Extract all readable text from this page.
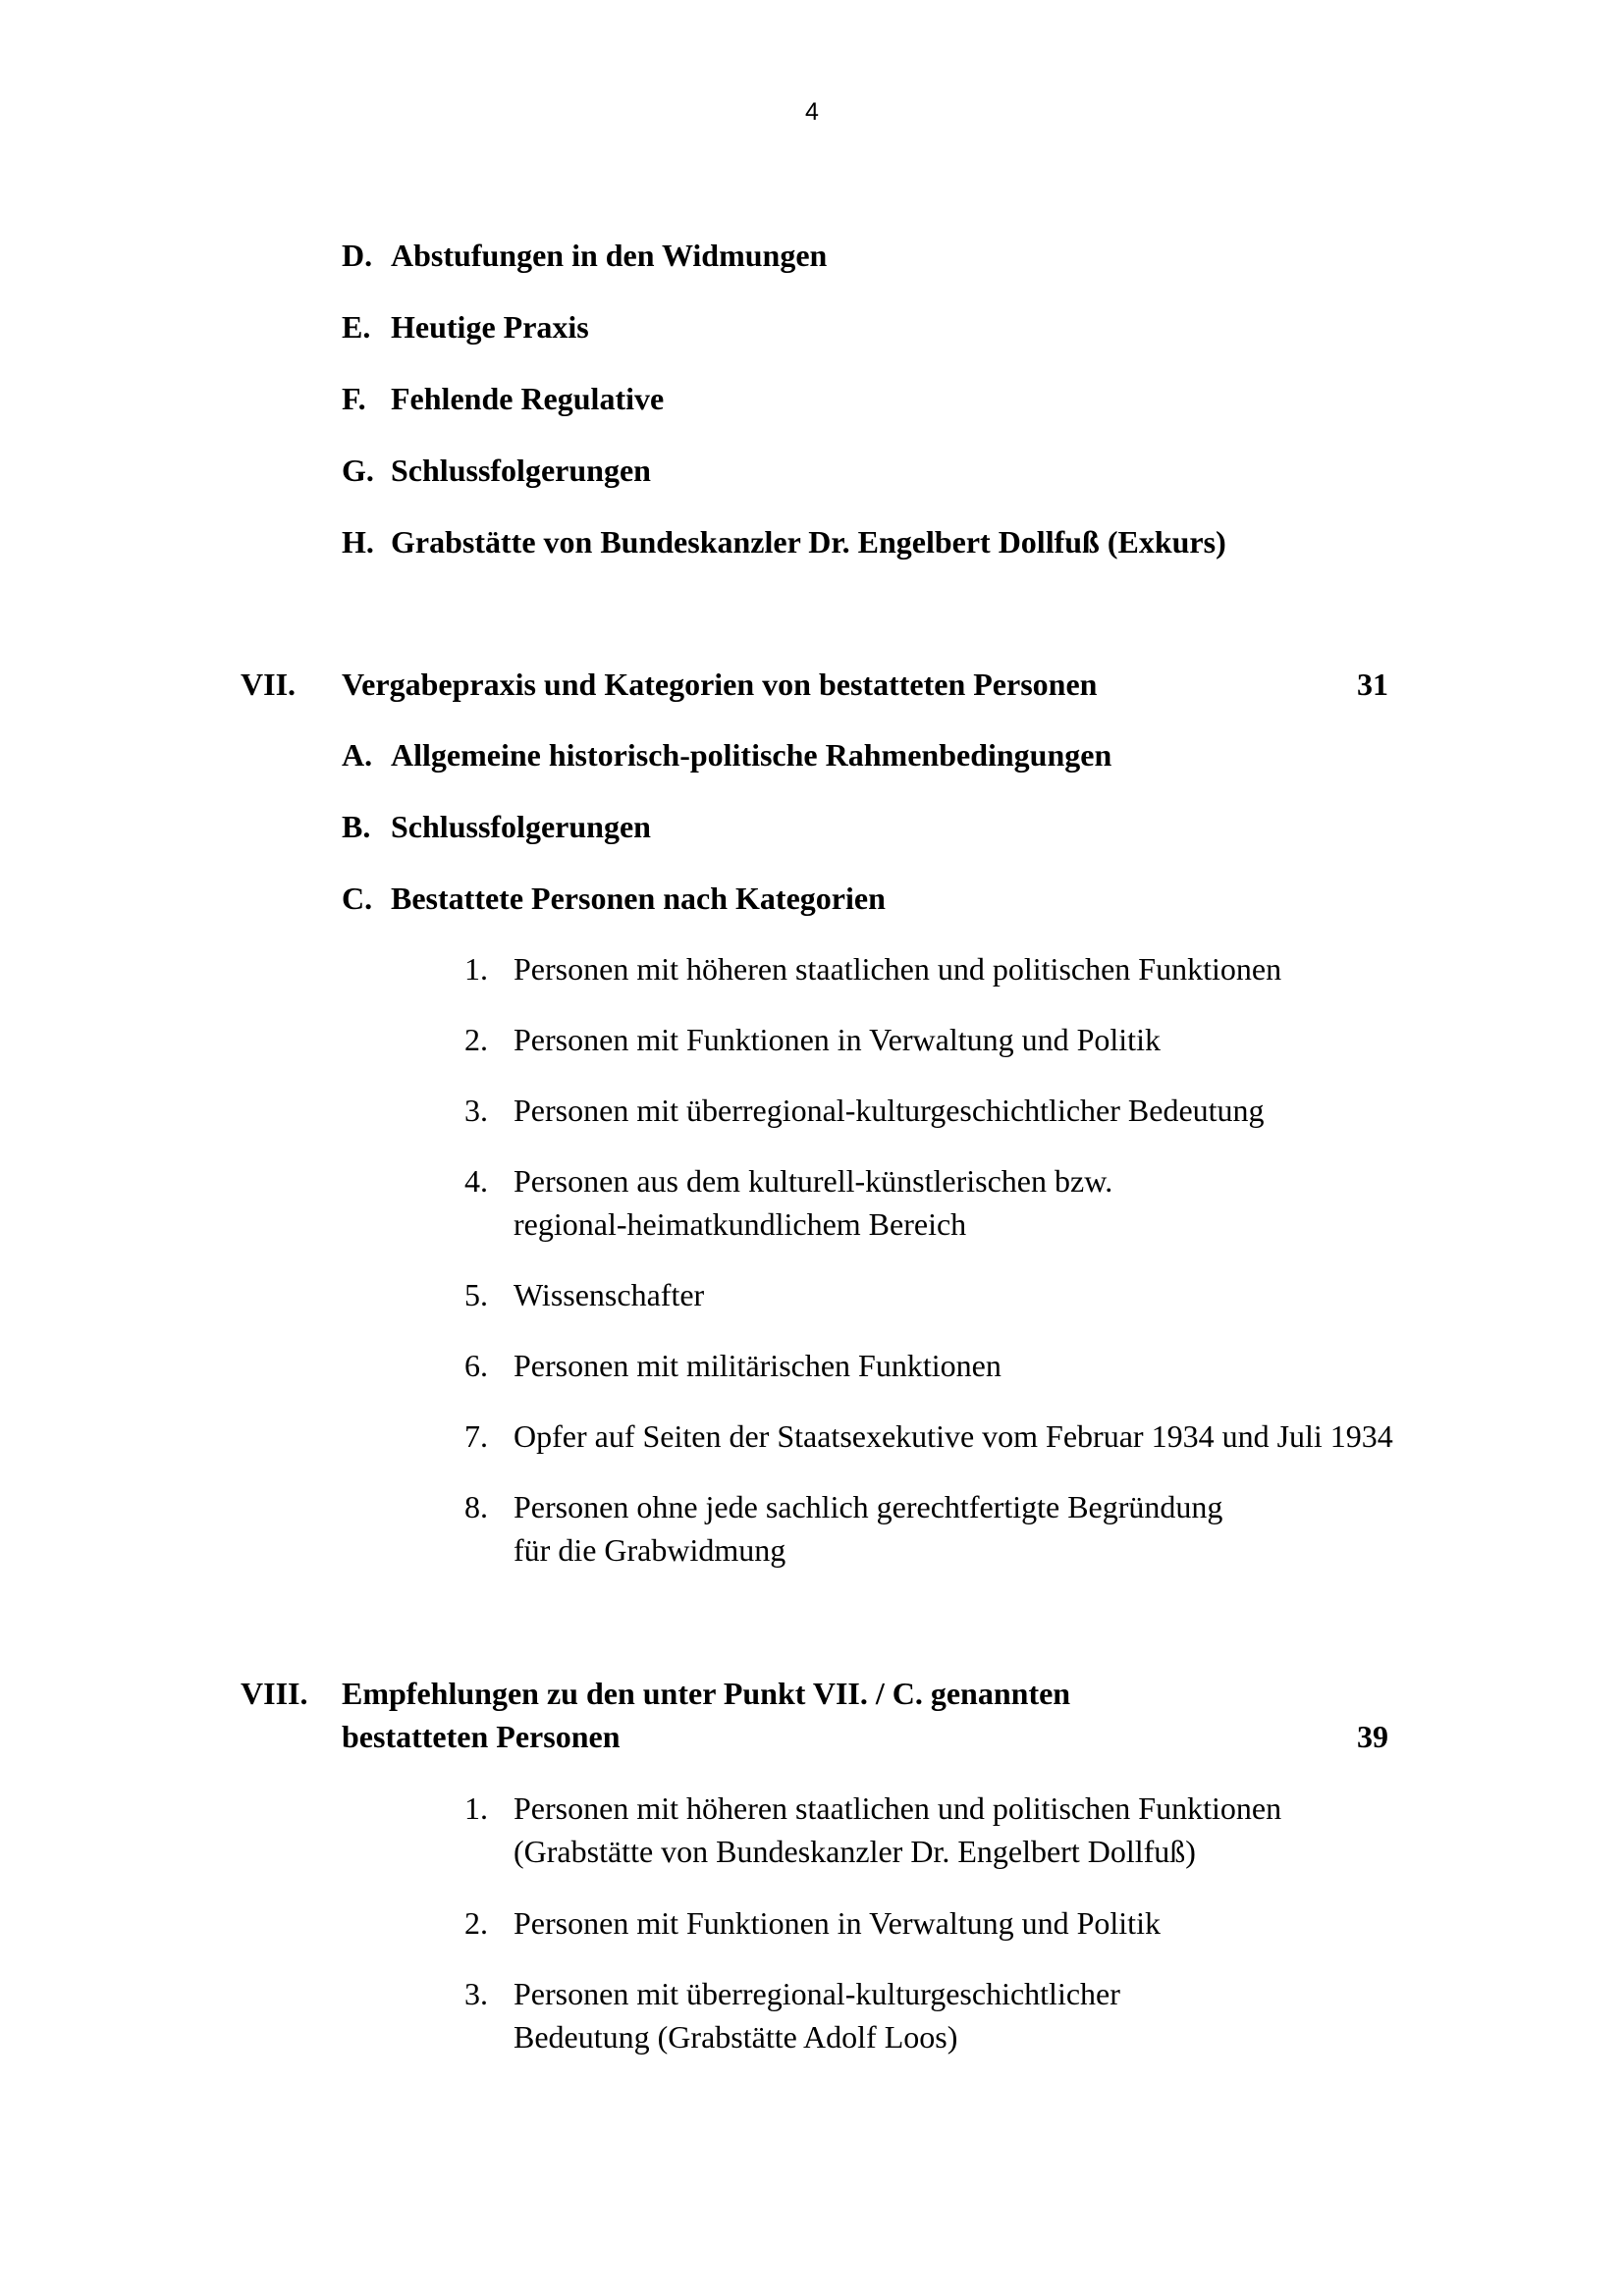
4
D. Abstufungen in den Widmungen
E. Heutige Praxis
F. Fehlende Regulative
G. Schlussfolgerungen
H. Grabstätte von Bundeskanzler Dr. Engelbert Dollfuß (Exkurs)
VII. Vergabepraxis und Kategorien von bestatteten Personen	31
A. Allgemeine historisch-politische Rahmenbedingungen
B. Schlussfolgerungen
C. Bestattete Personen nach Kategorien
1. Personen mit höheren staatlichen und politischen Funktionen
2. Personen mit Funktionen in Verwaltung und Politik
3. Personen mit überregional-kulturgeschichtlicher Bedeutung
4. Personen aus dem kulturell-künstlerischen bzw.
regional-heimatkundlichem Bereich
5. Wissenschafter
6. Personen mit militärischen Funktionen
7. Opfer auf Seiten der Staatsexekutive vom Februar 1934 und Juli 1934
8. Personen ohne jede sachlich gerechtfertigte Begründung
für die Grabwidmung
VIII. Empfehlungen zu den unter Punkt VII. / C. genannten
bestatteten Personen	39
1. Personen mit höheren staatlichen und politischen Funktionen
(Grabstätte von Bundeskanzler Dr. Engelbert Dollfuß)
2. Personen mit Funktionen in Verwaltung und Politik
3. Personen mit überregional-kulturgeschichtlicher
Bedeutung (Grabstätte Adolf Loos)
